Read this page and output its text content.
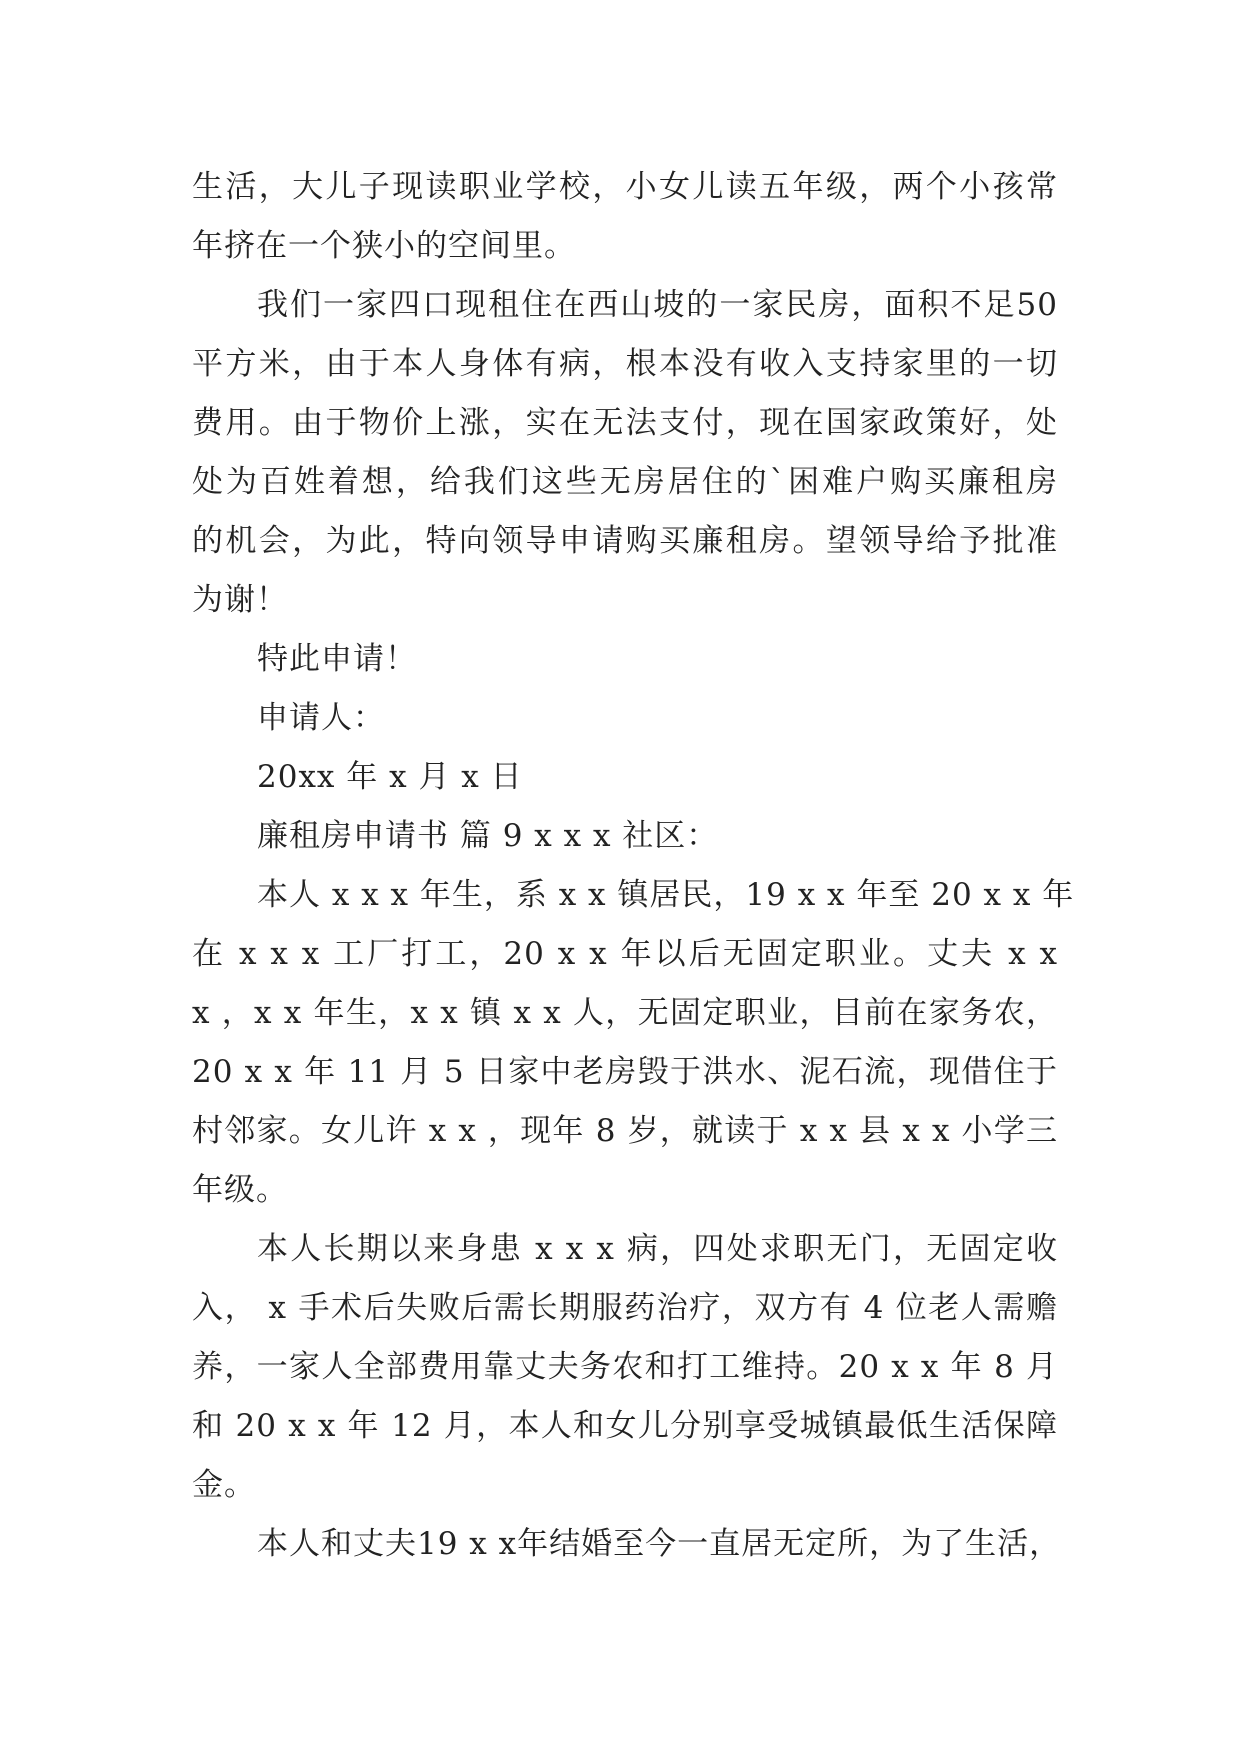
生活，大儿子现读职业学校，小女儿读五年级，两个小孩常
年挤在一个狭小的空间里。
我们一家四口现租住在西山坡的一家民房，面积不足50
平方米，由于本人身体有病，根本没有收入支持家里的一切
费用。由于物价上涨，实在无法支付，现在国家政策好，处
处为百姓着想，给我们这些无房居住的`困难户购买廉租房
的机会，为此，特向领导申请购买廉租房。望领导给予批准
为谢！
特此申请！
申请人：
20xx 年 x 月 x 日
廉租房申请书 篇 9 x x x 社区：
本人 x x x 年生，系 x x 镇居民，19 x x 年至 20 x x 年
在 x x x 工厂打工，20 x x 年以后无固定职业。丈夫 x x
x ，x x 年生，x x 镇 x x 人，无固定职业，目前在家务农，
20 x x 年 11 月 5 日家中老房毁于洪水、泥石流，现借住于
村邻家。女儿许 x x ，现年 8 岁，就读于 x x 县 x x 小学三
年级。
本人长期以来身患 x x x 病，四处求职无门，无固定收
入， x 手术后失败后需长期服药治疗，双方有 4 位老人需赡
养，一家人全部费用靠丈夫务农和打工维持。20 x x 年 8 月
和 20 x x 年 12 月，本人和女儿分别享受城镇最低生活保障
金。
本人和丈夫19 x x年结婚至今一直居无定所，为了生活，
